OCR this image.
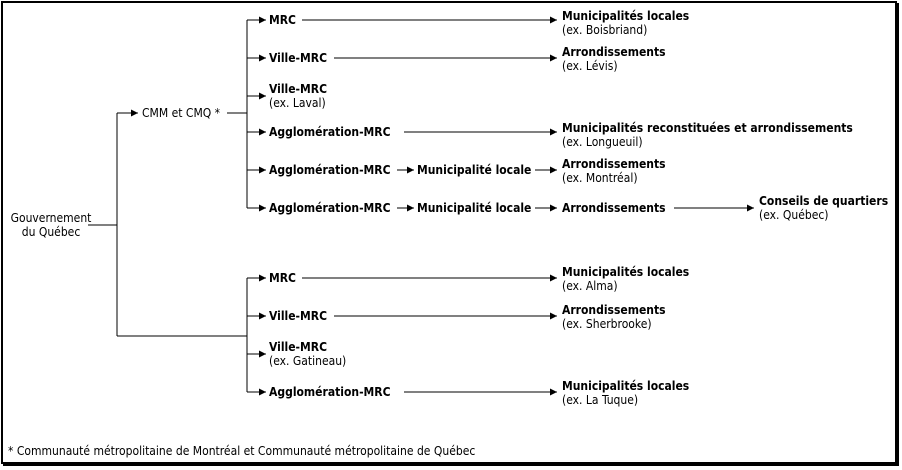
Gouvernement
du Québec
CMM et CMQ *
MRC	Municipalités locales
(ex. Boisbriand)
Ville-MRC	Arrondissements
(ex. Lévis)
Ville-MRC
(ex. Laval)
Agglomération-MRC	Municipalités reconstituées et arrondissements
(ex. Longueuil)
Agglomération-MRC Municipalité locale	Arrondissements
(ex. Montréal)
Agglomération-MRC Municipalité locale	Arrondissements	Conseils de quartiers
(ex. Québec)
MRC	Municipalités locales
(ex. Alma)
Ville-MRC	Arrondissements
(ex. Sherbrooke)
Ville-MRC
(ex. Gatineau)
Agglomération-MRC	Municipalités locales
(ex. La Tuque)
* Communauté métropolitaine de Montréal et Communauté métropolitaine de Québec
